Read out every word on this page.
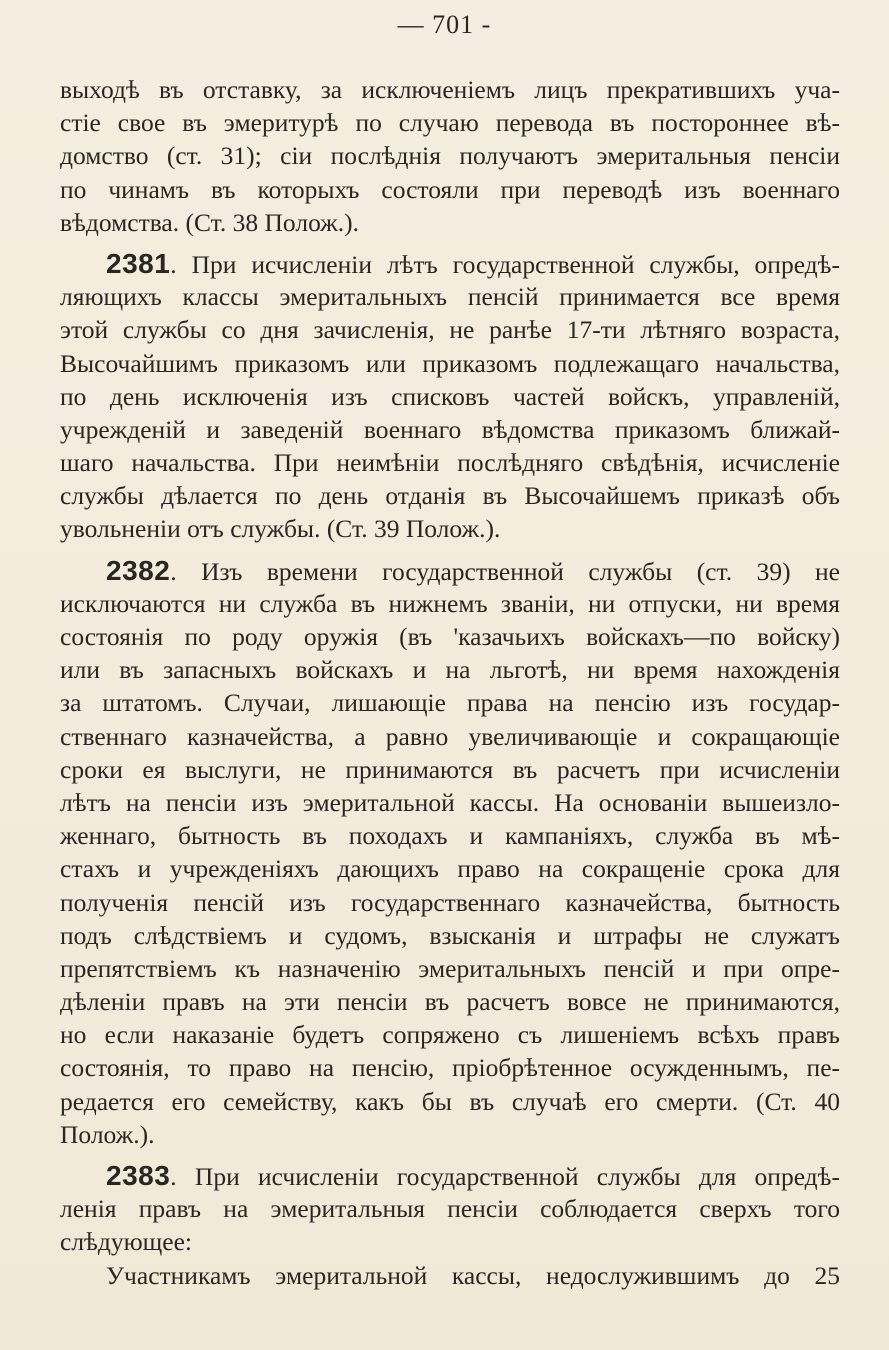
— 701 -
выходѣ въ отставку, за исключенiемъ лицъ прекратившихъ уча-
стiе свое въ эмеритурѣ по случаю перевода въ постороннее вѣ-
домство (ст. 31); сiи послѣднiя получаютъ эмеритальныя пенсiи
по чинамъ въ которыхъ состояли при переводѣ изъ военнаго
вѣдомства. (Ст. 38 Полож.).
2381. При исчисленiи лѣтъ государственной службы, опредѣ-
ляющихъ классы эмеритальныхъ пенсiй принимается все время
этой службы со дня зачисленiя, не ранѣе 17-ти лѣтняго возраста,
Высочайшимъ приказомъ или приказомъ подлежащаго начальства,
по день исключенiя изъ списковъ частей войскъ, управленiй,
учрежденiй и заведенiй военнаго вѣдомства приказомъ ближай-
шаго начальства. При неимѣнiи послѣдняго свѣдѣнiя, исчисленiе
службы дѣлается по день отданiя въ Высочайшемъ приказѣ объ
увольненiи отъ службы. (Ст. 39 Полож.).
2382. Изъ времени государственной службы (ст. 39) не
исключаются ни служба въ нижнемъ званiи, ни отпуски, ни время
состоянiя по роду оружiя (въ 'казачьихъ войскахъ—по войску)
или въ запасныхъ войскахъ и на льготѣ, ни время нахожденiя
за штатомъ. Случаи, лишающiе права на пенсiю изъ государ-
ственнаго казначейства, а равно увеличивающiе и сокращающiе
сроки ея выслуги, не принимаются въ расчетъ при исчисленiи
лѣтъ на пенсiи изъ эмеритальной кассы. На основанiи вышеизло-
женнаго, бытность въ походахъ и кампанiяхъ, служба въ мѣ-
стахъ и учрежденiяхъ дающихъ право на сокращенiе срока для
полученiя пенсiй изъ государственнаго казначейства, бытность
подъ слѣдствiемъ и судомъ, взысканiя и штрафы не служатъ
препятствiемъ къ назначенiю эмеритальныхъ пенсiй и при опре-
дѣленiи правъ на эти пенсiи въ расчетъ вовсе не принимаются,
но если наказанiе будетъ сопряжено съ лишенiемъ всѣхъ правъ
состоянiя, то право на пенсiю, прiобрѣтенное осужденнымъ, пе-
редается его семейству, какъ бы въ случаѣ его смерти. (Ст. 40
Полож.).
2383. При исчисленiи государственной службы для опредѣ-
ленiя правъ на эмеритальныя пенсiи соблюдается сверхъ того
слѣдующее:
Участникамъ эмеритальной кассы, недослужившимъ до 25
